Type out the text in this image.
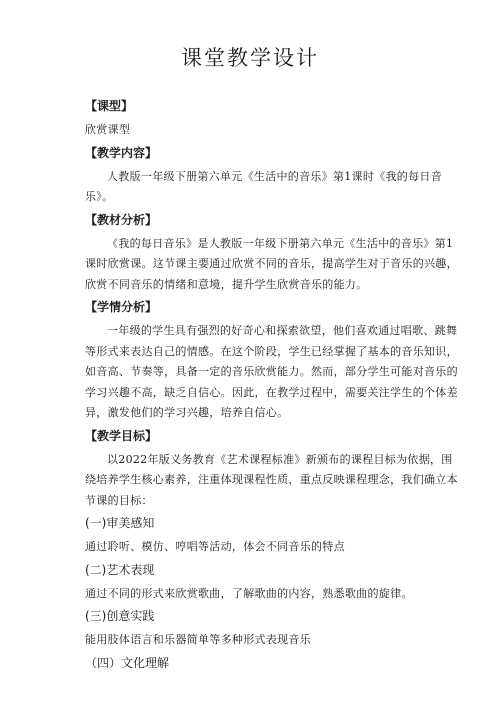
课堂教学设计
【课型】
欣赏课型
【教学内容】
人教版一年级下册第六单元《生活中的音乐》第1课时《我的每日音
乐》。
【教材分析】
《我的每日音乐》是人教版一年级下册第六单元《生活中的音乐》第1
课时欣赏课。这节课主要通过欣赏不同的音乐，提高学生对于音乐的兴趣，
欣赏不同音乐的情绪和意境，提升学生欣赏音乐的能力。
【学情分析】
一年级的学生具有强烈的好奇心和探索欲望，他们喜欢通过唱歌、跳舞
等形式来表达自己的情感。在这个阶段，学生已经掌握了基本的音乐知识，
如音高、节奏等，具备一定的音乐欣赏能力。然而，部分学生可能对音乐的
学习兴趣不高，缺乏自信心。因此，在教学过程中，需要关注学生的个体差
异，激发他们的学习兴趣，培养自信心。
【教学目标】
以2022年版义务教育《艺术课程标准》新颁布的课程目标为依据，围
绕培养学生核心素养，注重体现课程性质，重点反映课程理念，我们确立本
节课的目标：
(一)审美感知
通过聆听、模仿、哼唱等活动，体会不同音乐的特点
(二)艺术表现
通过不同的形式来欣赏歌曲，了解歌曲的内容，熟悉歌曲的旋律。
(三)创意实践
能用肢体语言和乐器简单等多种形式表现音乐
（四）文化理解
